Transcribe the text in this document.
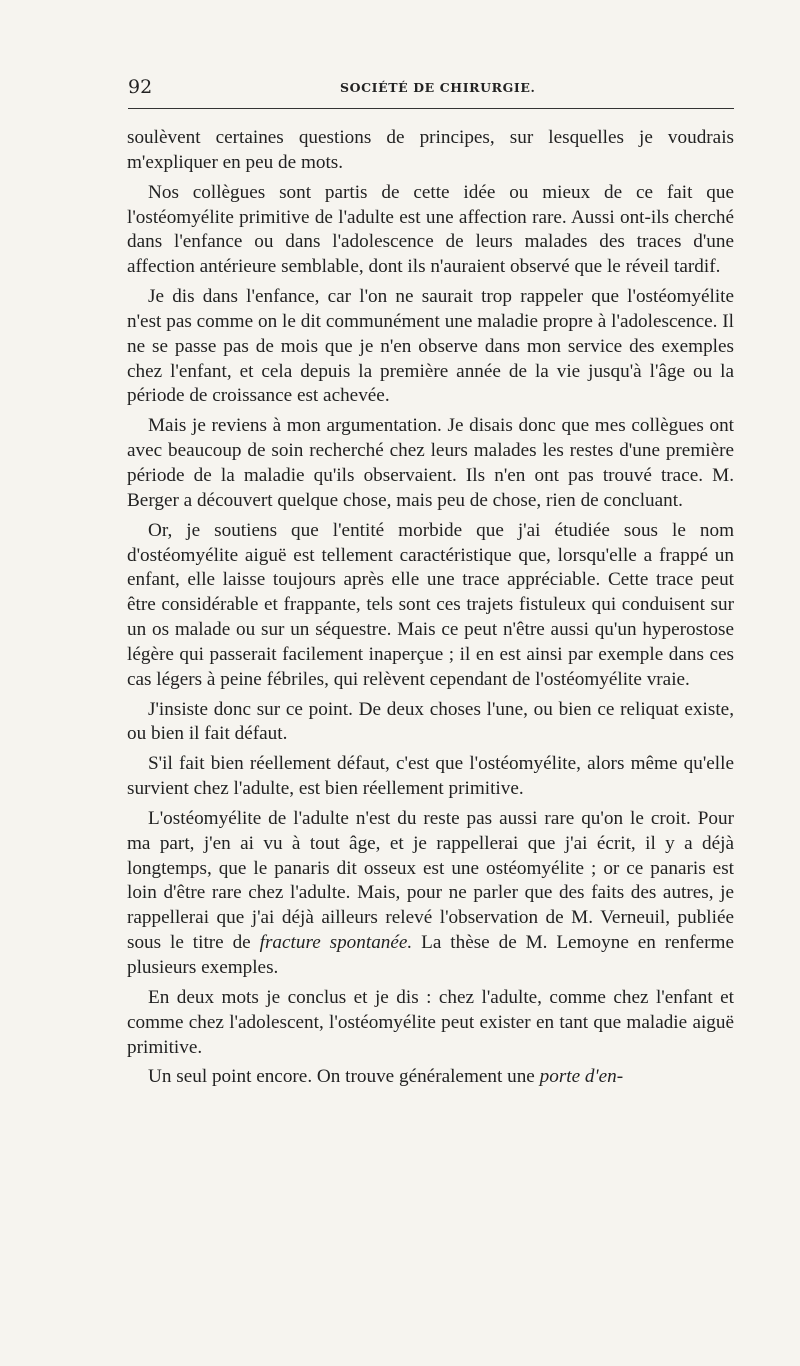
92	SOCIÉTÉ DE CHIRURGIE.

soulèvent certaines questions de principes, sur lesquelles je voudrais m'expliquer en peu de mots.

Nos collègues sont partis de cette idée ou mieux de ce fait que l'ostéomyélite primitive de l'adulte est une affection rare. Aussi ont-ils cherché dans l'enfance ou dans l'adolescence de leurs malades des traces d'une affection antérieure semblable, dont ils n'auraient observé que le réveil tardif.

Je dis dans l'enfance, car l'on ne saurait trop rappeler que l'ostéomyélite n'est pas comme on le dit communément une maladie propre à l'adolescence. Il ne se passe pas de mois que je n'en observe dans mon service des exemples chez l'enfant, et cela depuis la première année de la vie jusqu'à l'âge ou la période de croissance est achevée.

Mais je reviens à mon argumentation. Je disais donc que mes collègues ont avec beaucoup de soin recherché chez leurs malades les restes d'une première période de la maladie qu'ils observaient. Ils n'en ont pas trouvé trace. M. Berger a découvert quelque chose, mais peu de chose, rien de concluant.

Or, je soutiens que l'entité morbide que j'ai étudiée sous le nom d'ostéomyélite aiguë est tellement caractéristique que, lorsqu'elle a frappé un enfant, elle laisse toujours après elle une trace appréciable. Cette trace peut être considérable et frappante, tels sont ces trajets fistuleux qui conduisent sur un os malade ou sur un séquestre. Mais ce peut n'être aussi qu'un hyperostose légère qui passerait facilement inaperçue ; il en est ainsi par exemple dans ces cas légers à peine fébriles, qui relèvent cependant de l'ostéomyélite vraie.

J'insiste donc sur ce point. De deux choses l'une, ou bien ce reliquat existe, ou bien il fait défaut.

S'il fait bien réellement défaut, c'est que l'ostéomyélite, alors même qu'elle survient chez l'adulte, est bien réellement primitive.

L'ostéomyélite de l'adulte n'est du reste pas aussi rare qu'on le croit. Pour ma part, j'en ai vu à tout âge, et je rappellerai que j'ai écrit, il y a déjà longtemps, que le panaris dit osseux est une ostéomyélite ; or ce panaris est loin d'être rare chez l'adulte. Mais, pour ne parler que des faits des autres, je rappellerai que j'ai déjà ailleurs relevé l'observation de M. Verneuil, publiée sous le titre de fracture spontanée. La thèse de M. Lemoyne en renferme plusieurs exemples.

En deux mots je conclus et je dis : chez l'adulte, comme chez l'enfant et comme chez l'adolescent, l'ostéomyélite peut exister en tant que maladie aiguë primitive.

Un seul point encore. On trouve généralement une porte d'en-
